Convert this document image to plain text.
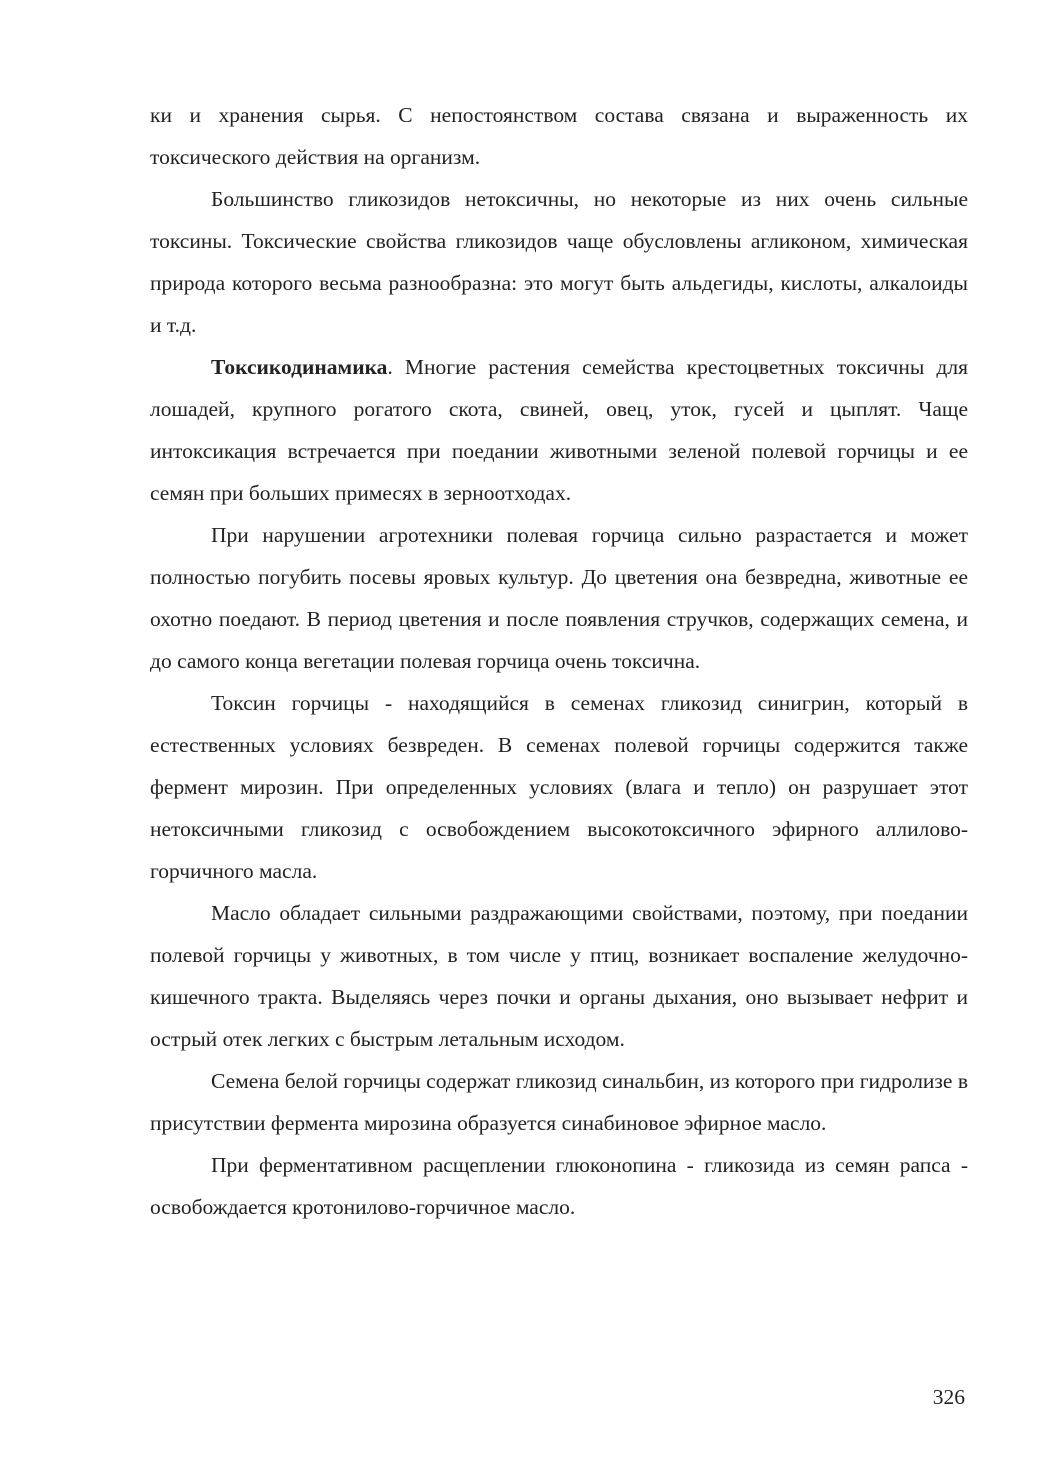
ки и хранения сырья. С непостоянством состава связана и выраженность их токсического действия на организм.

Большинство гликозидов нетоксичны, но некоторые из них очень сильные токсины. Токсические свойства гликозидов чаще обусловлены агликоном, химическая природа которого весьма разнообразна: это могут быть альдегиды, кислоты, алкалоиды и т.д.

Токсикодинамика. Многие растения семейства крестоцветных токсичны для лошадей, крупного рогатого скота, свиней, овец, уток, гусей и цыплят. Чаще интоксикация встречается при поедании животными зеленой полевой горчицы и ее семян при больших примесях в зерноотходах.

При нарушении агротехники полевая горчица сильно разрастается и может полностью погубить посевы яровых культур. До цветения она безвредна, животные ее охотно поедают. В период цветения и после появления стручков, содержащих семена, и до самого конца вегетации полевая горчица очень токсична.

Токсин горчицы - находящийся в семенах гликозид синигрин, который в естественных условиях безвреден. В семенах полевой горчицы содержится также фермент мирозин. При определенных условиях (влага и тепло) он разрушает этот нетоксичными гликозид с освобождением высокотоксичного эфирного аллилово-горчичного масла.

Масло обладает сильными раздражающими свойствами, поэтому, при поедании полевой горчицы у животных, в том числе у птиц, возникает воспаление желудочно-кишечного тракта. Выделяясь через почки и органы дыхания, оно вызывает нефрит и острый отек легких с быстрым летальным исходом.

Семена белой горчицы содержат гликозид синальбин, из которого при гидролизе в присутствии фермента мирозина образуется синабиновое эфирное масло.

При ферментативном расщеплении глюконопина - гликозида из семян рапса - освобождается кротонилово-горчичное масло.

326
